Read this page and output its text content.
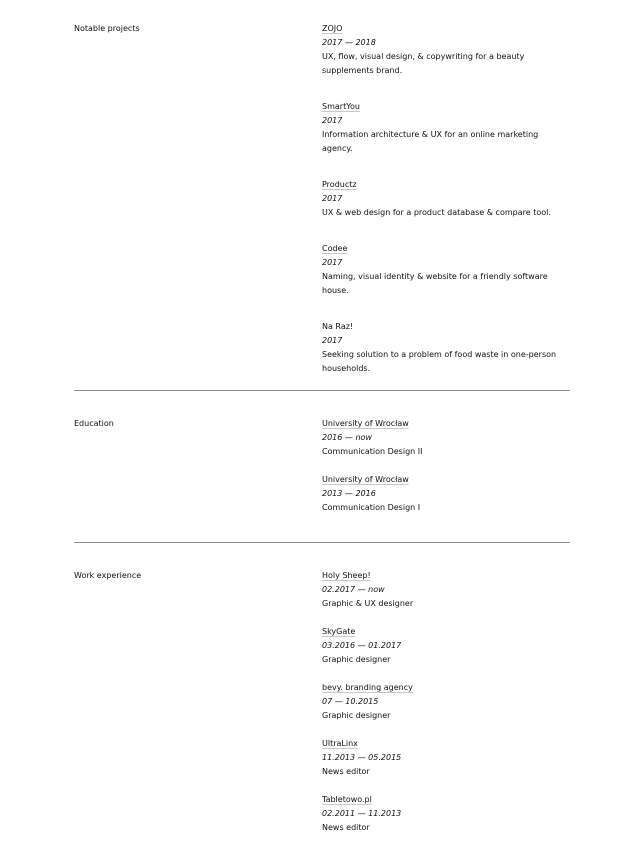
Notable projects	ZOJO
2017 — 2018
UX, flow, visual design, & copywriting for a beauty supplements brand.
SmartYou
2017
Information architecture & UX for an online marketing agency.
Productz
2017
UX & web design for a product database & compare tool.
Codee
2017
Naming, visual identity & website for a friendly software house.
Na Raz!
2017
Seeking solution to a problem of food waste in one-person households.
Education	University of Wrocław
2016 — now
Communication Design II
University of Wrocław
2013 — 2016
Communication Design I
Work experience	Holy Sheep!
02.2017 — now
Graphic & UX designer
SkyGate
03.2016 — 01.2017
Graphic designer
bevy. branding agency
07 — 10.2015
Graphic designer
UltraLinx
11.2013 — 05.2015
News editor
Tabletowo.pl
02.2011 — 11.2013
News editor
